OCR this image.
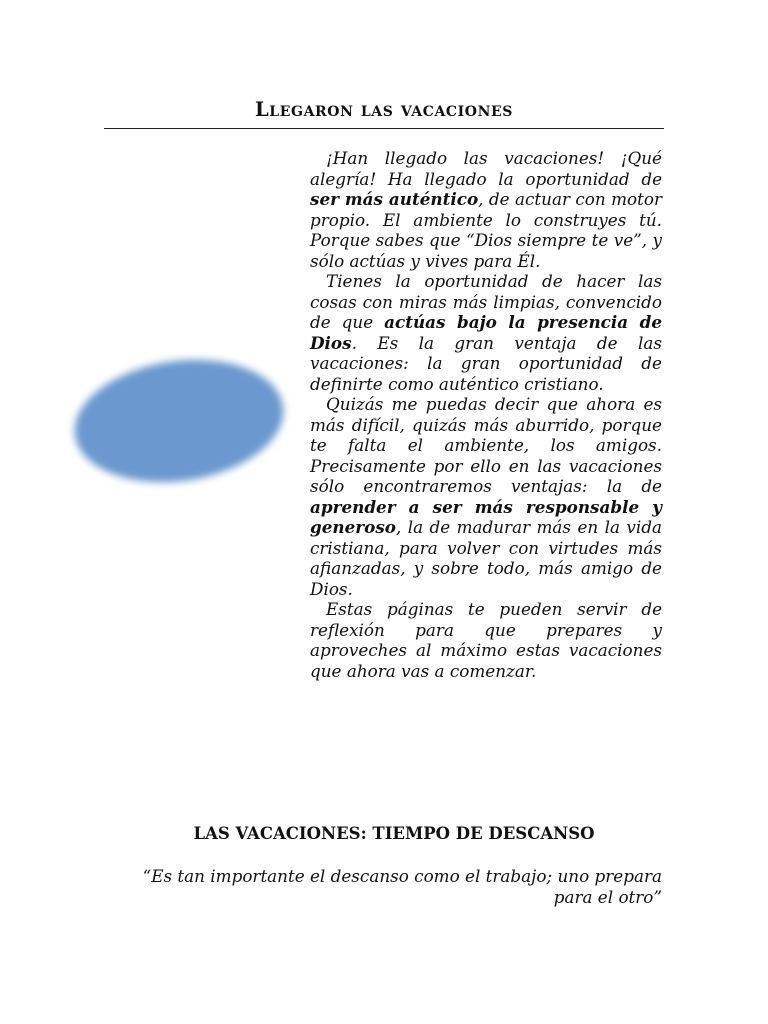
Llegaron las vacaciones

¡Han llegado las vacaciones! ¡Qué alegría! Ha llegado la oportunidad de ser más auténtico, de actuar con motor propio. El ambiente lo construyes tú. Porque sabes que “Dios siempre te ve”, y sólo actúas y vives para Él.

Tienes la oportunidad de hacer las cosas con miras más limpias, convencido de que actúas bajo la presencia de Dios. Es la gran ventaja de las vacaciones: la gran oportunidad de definirte como auténtico cristiano.

Quizás me puedas decir que ahora es más difícil, quizás más aburrido, porque te falta el ambiente, los amigos. Precisamente por ello en las vacaciones sólo encontraremos ventajas: la de aprender a ser más responsable y generoso, la de madurar más en la vida cristiana, para volver con virtudes más afianzadas, y sobre todo, más amigo de Dios.

Estas páginas te pueden servir de reflexión para que prepares y aproveches al máximo estas vacaciones que ahora vas a comenzar.

LAS VACACIONES: TIEMPO DE DESCANSO

“Es tan importante el descanso como el trabajo; uno prepara para el otro”
